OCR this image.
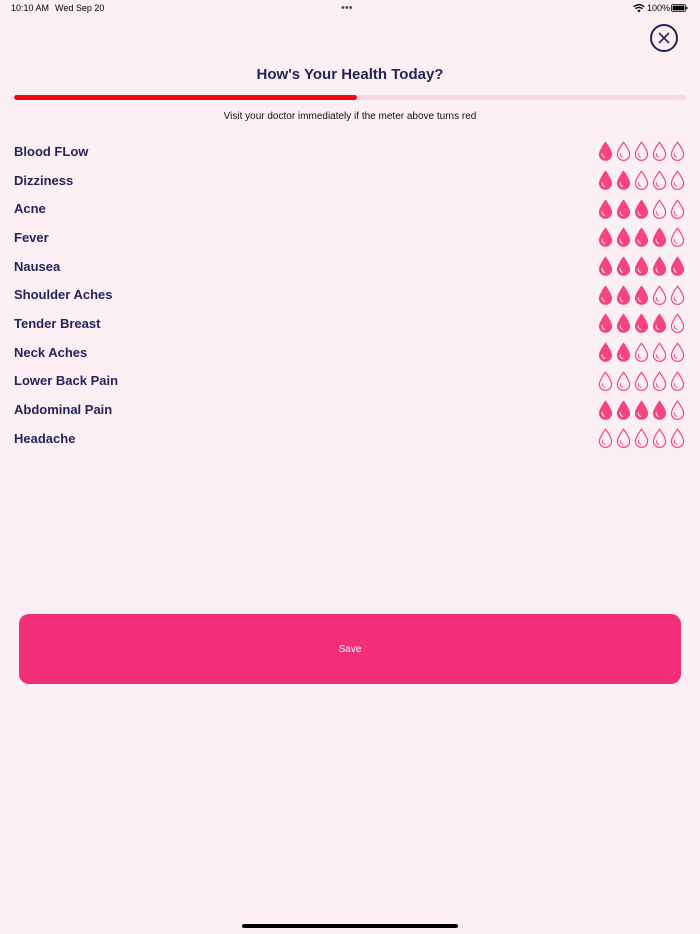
10:10 AM Wed Sep 20	•••	100%
How's Your Health Today?
Visit your doctor immediately if the meter above turns red
Blood FLow
Dizziness
Acne
Fever
Nausea
Shoulder Aches
Tender Breast
Neck Aches
Lower Back Pain
Abdominal Pain
Headache
Save
